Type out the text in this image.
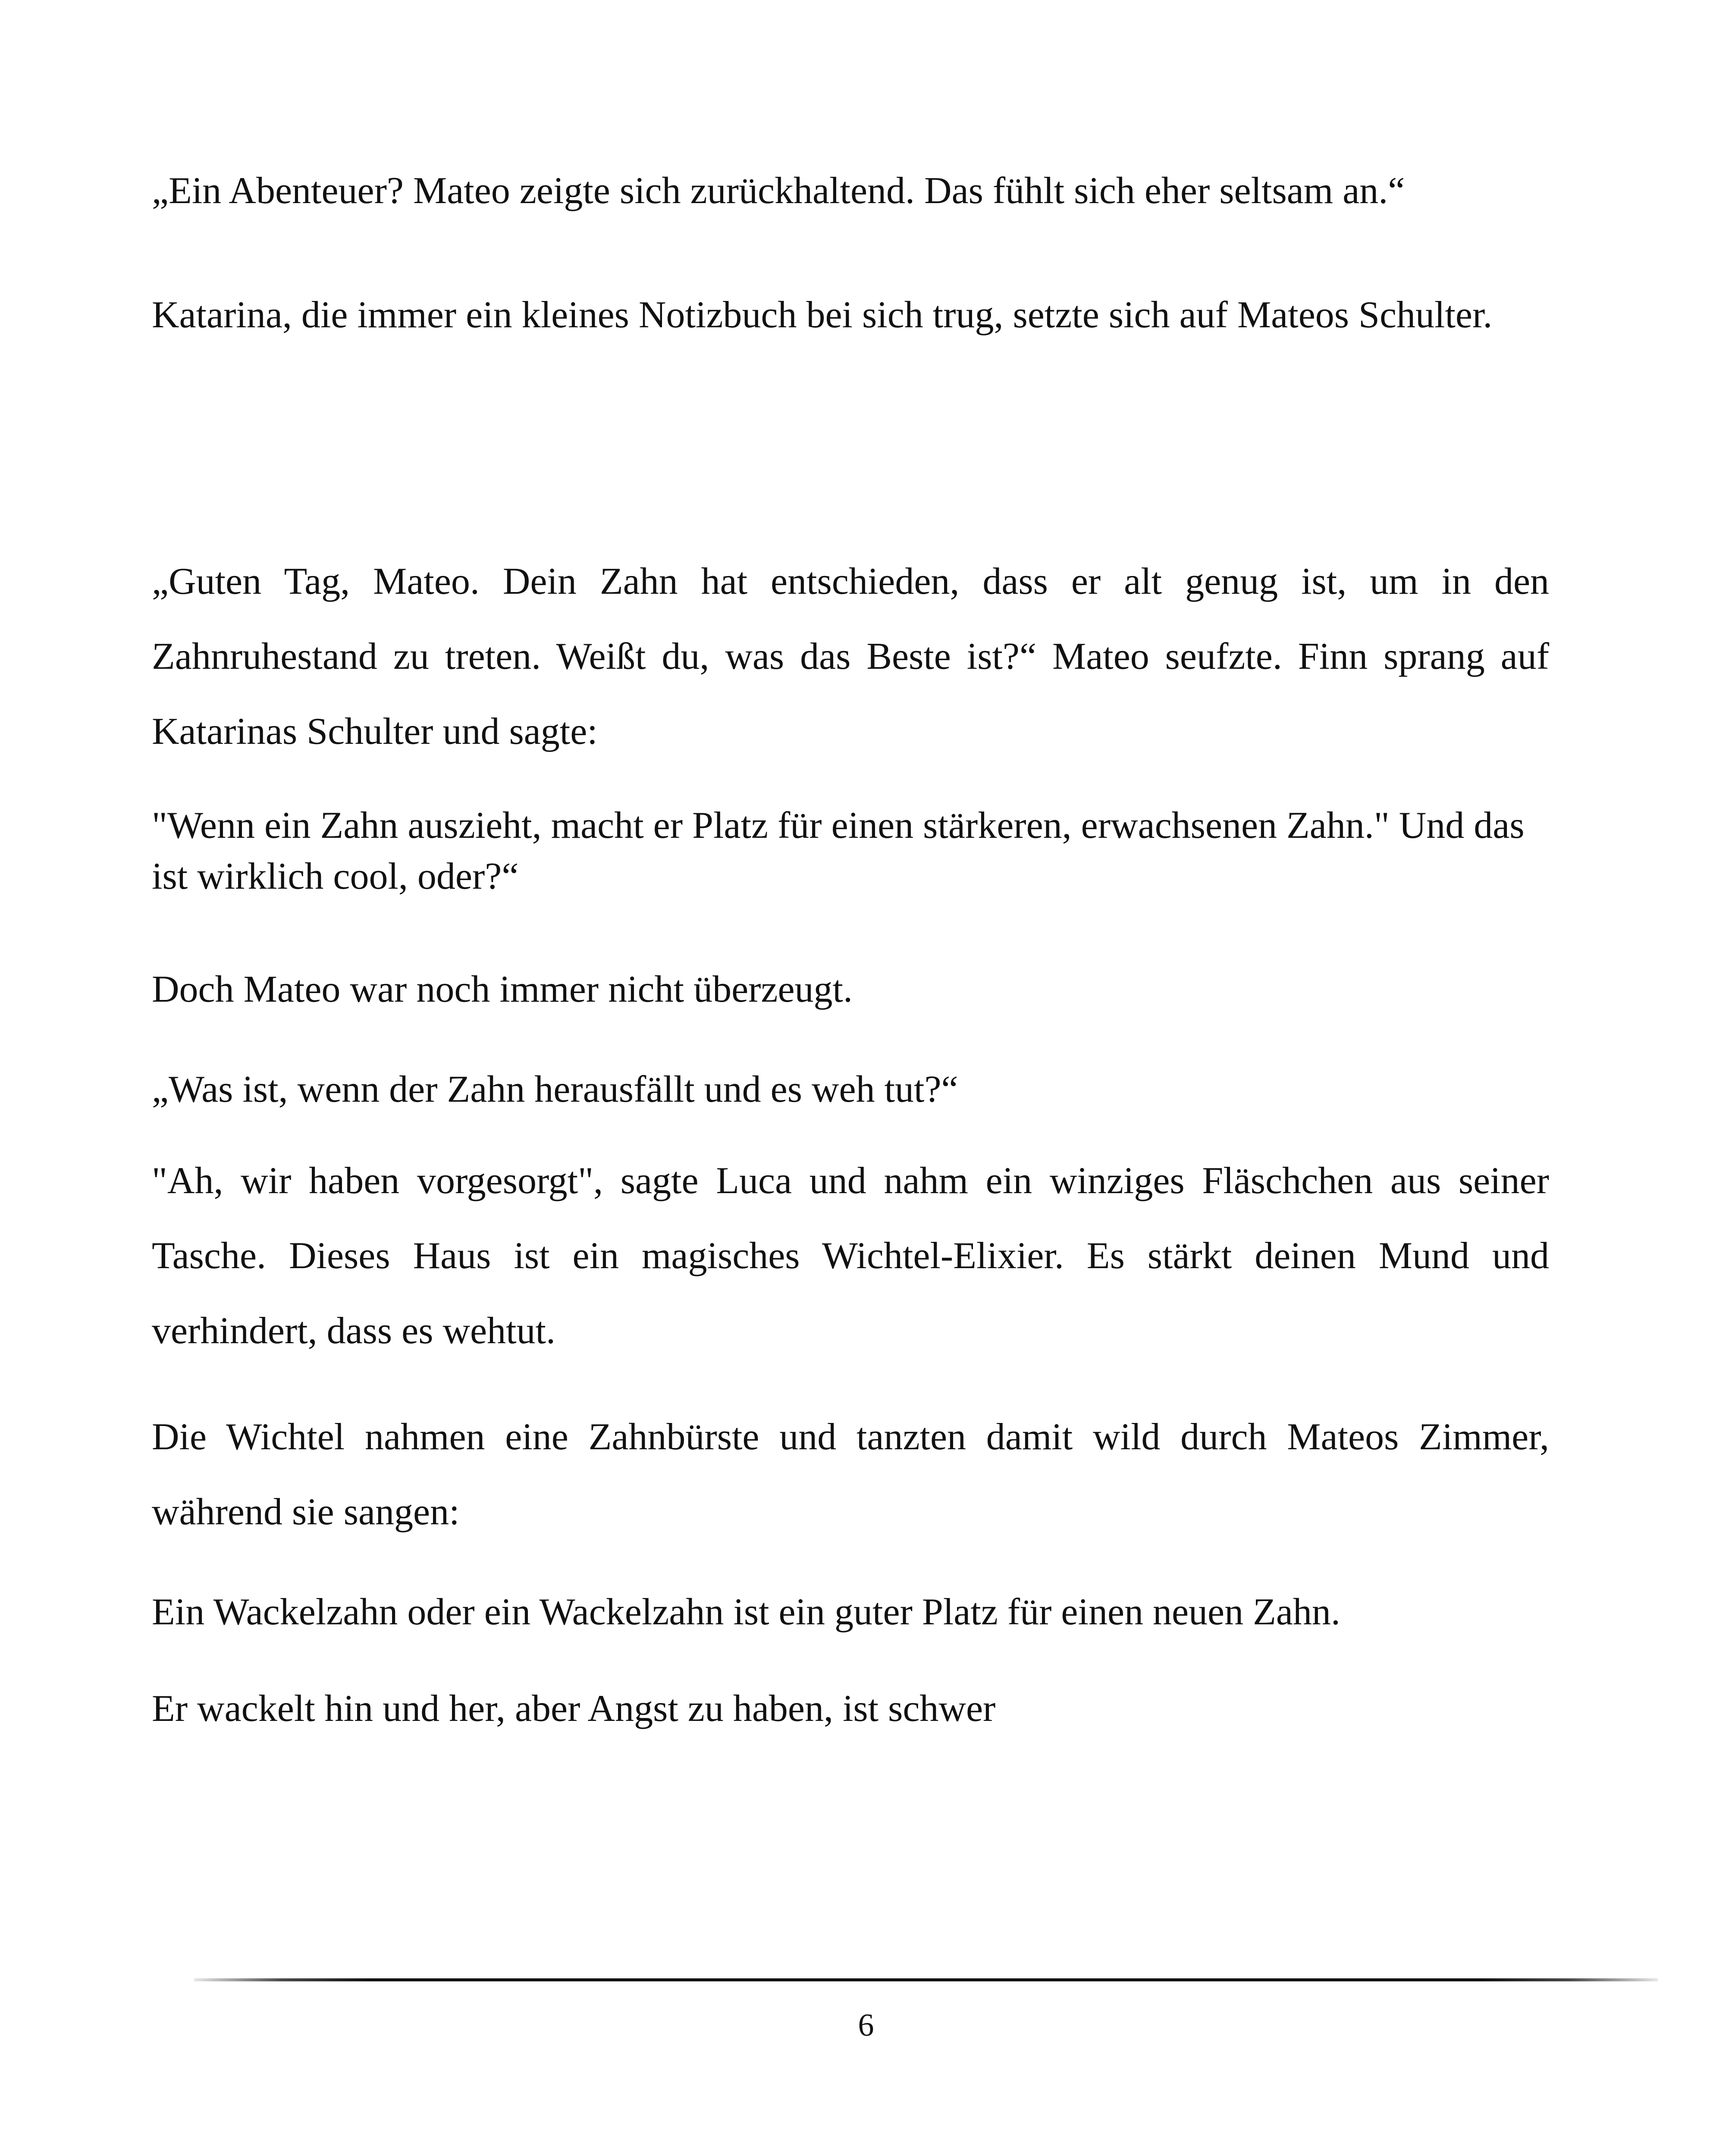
„Ein Abenteuer? Mateo zeigte sich zurückhaltend. Das fühlt sich eher seltsam an.“

Katarina, die immer ein kleines Notizbuch bei sich trug, setzte sich auf Mateos Schulter.

„Guten Tag, Mateo. Dein Zahn hat entschieden, dass er alt genug ist, um in den Zahnruhestand zu treten. Weißt du, was das Beste ist?“ Mateo seufzte. Finn sprang auf Katarinas Schulter und sagte:

"Wenn ein Zahn auszieht, macht er Platz für einen stärkeren, erwachsenen Zahn." Und das ist wirklich cool, oder?“

Doch Mateo war noch immer nicht überzeugt.

„Was ist, wenn der Zahn herausfällt und es weh tut?“

"Ah, wir haben vorgesorgt", sagte Luca und nahm ein winziges Fläschchen aus seiner Tasche. Dieses Haus ist ein magisches Wichtel-Elixier. Es stärkt deinen Mund und verhindert, dass es wehtut.

Die Wichtel nahmen eine Zahnbürste und tanzten damit wild durch Mateos Zimmer, während sie sangen:

Ein Wackelzahn oder ein Wackelzahn ist ein guter Platz für einen neuen Zahn.

Er wackelt hin und her, aber Angst zu haben, ist schwer

6
